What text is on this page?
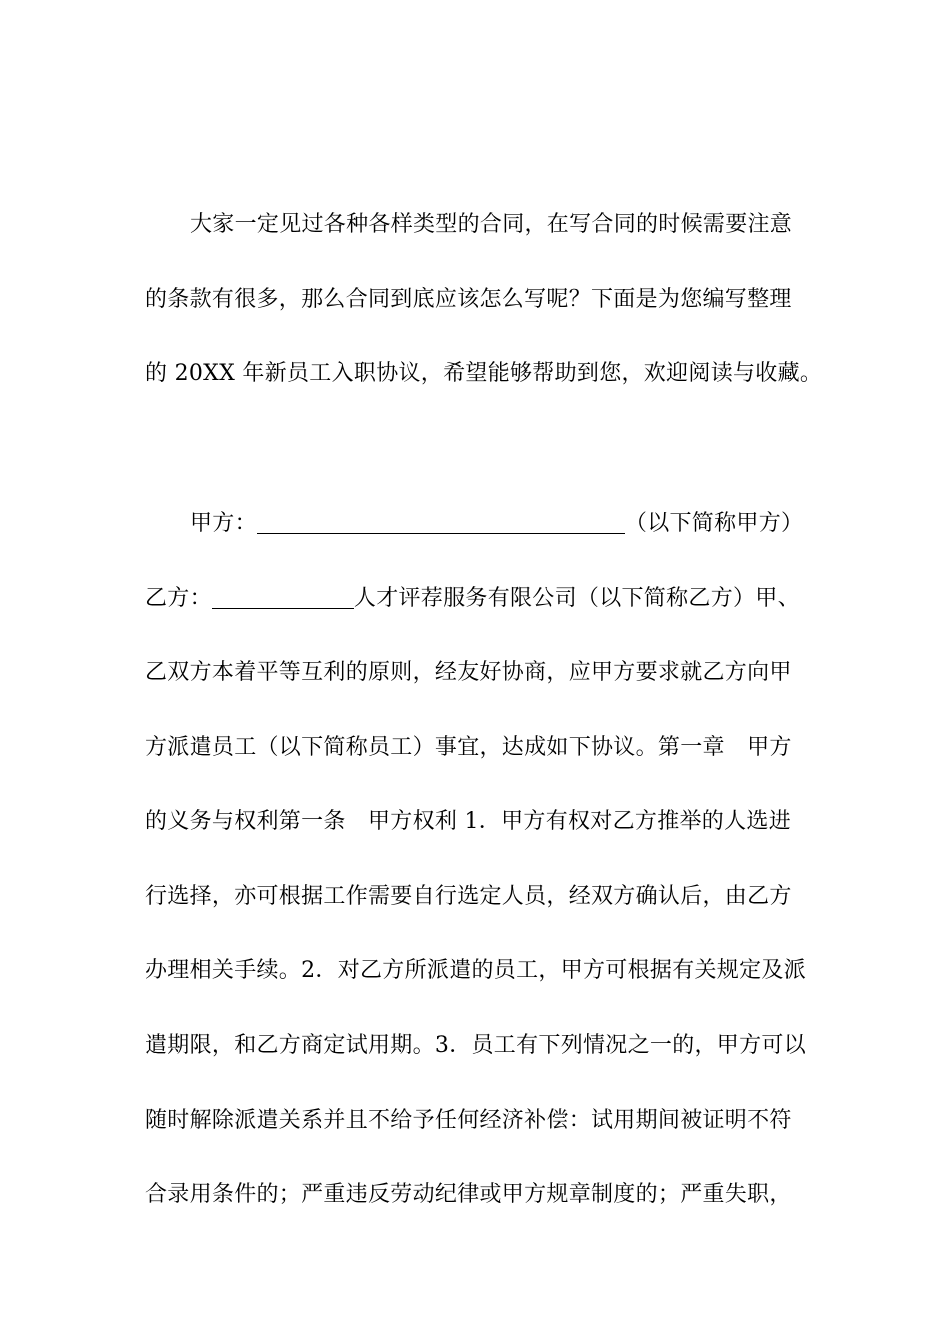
大家一定见过各种各样类型的合同，在写合同的时候需要注意
的条款有很多，那么合同到底应该怎么写呢？下面是为您编写整理
的 20XX 年新员工入职协议，希望能够帮助到您，欢迎阅读与收藏。
甲方：	（以下简称甲方）
乙方：	人才评荐服务有限公司（以下简称乙方）甲、
乙双方本着平等互利的原则，经友好协商，应甲方要求就乙方向甲
方派遣员工（以下简称员工）事宜，达成如下协议。第一章　甲方
的义务与权利第一条　甲方权利 1．甲方有权对乙方推举的人选进
行选择，亦可根据工作需要自行选定人员，经双方确认后，由乙方
办理相关手续。2．对乙方所派遣的员工，甲方可根据有关规定及派
遣期限，和乙方商定试用期。3．员工有下列情况之一的，甲方可以
随时解除派遣关系并且不给予任何经济补偿：试用期间被证明不符
合录用条件的；严重违反劳动纪律或甲方规章制度的；严重失职，
